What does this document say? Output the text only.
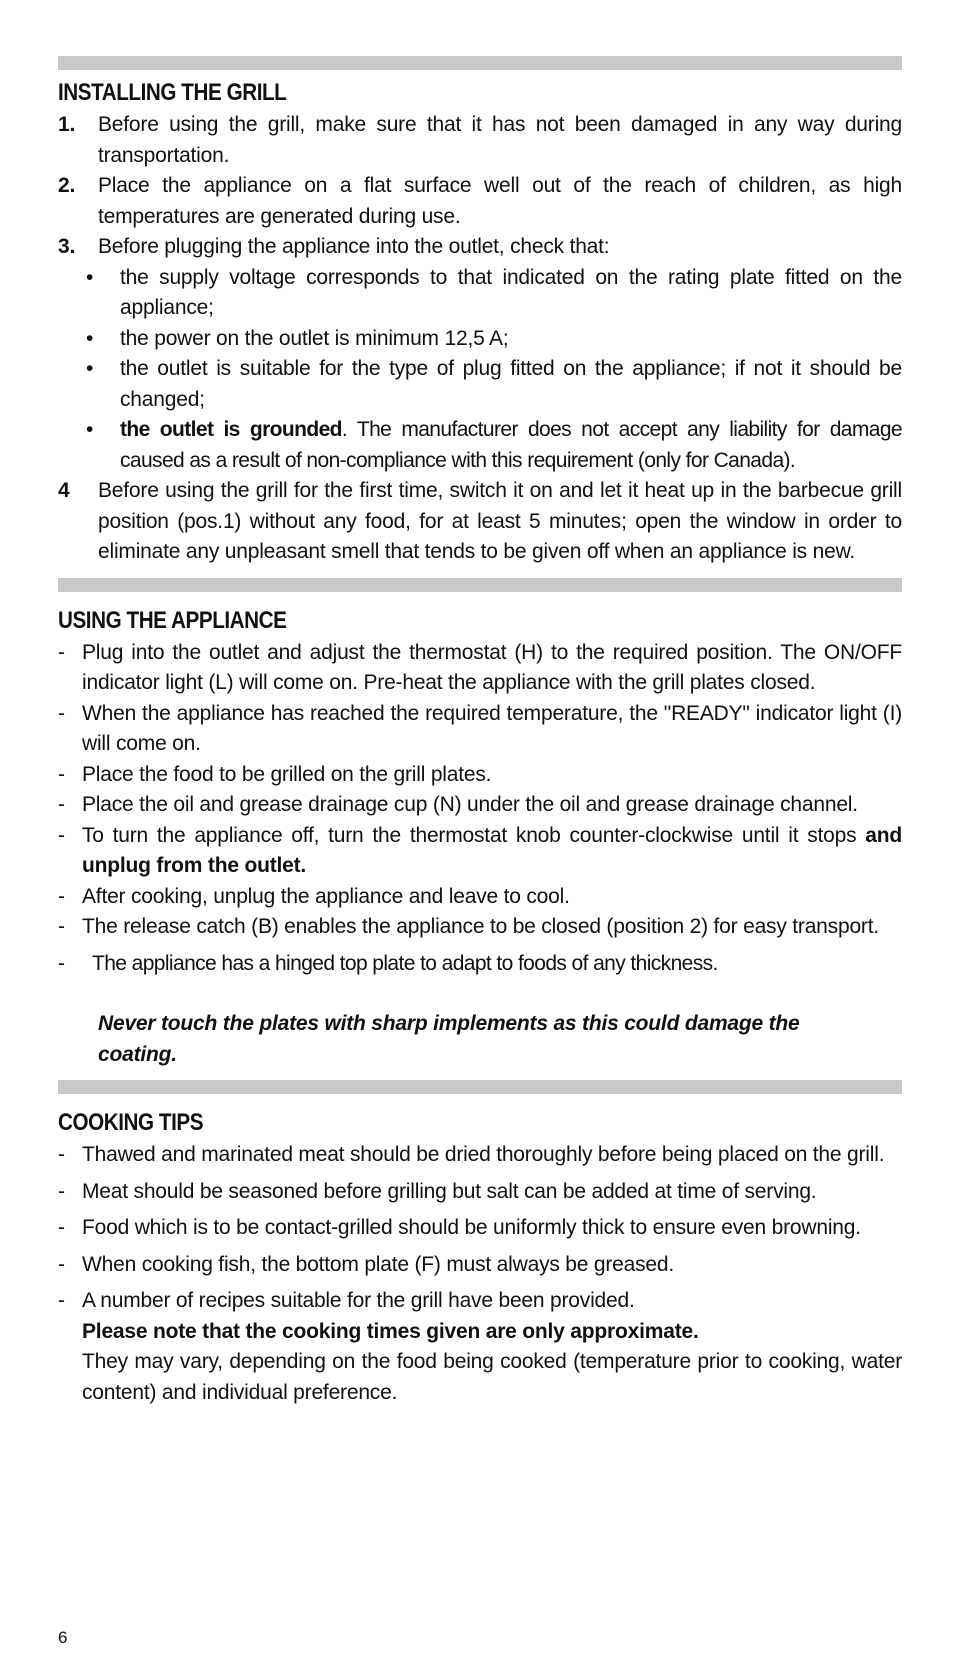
INSTALLING THE GRILL
1.	Before using the grill, make sure that it has not been damaged in any way during transportation.
2.	Place the appliance on a flat surface well out of the reach of children, as high temperatures are generated during use.
3.	Before plugging the appliance into the outlet, check that:
•	the supply voltage corresponds to that indicated on the rating plate fitted on the appliance;
•	the power on the outlet is minimum 12,5 A;
•	the outlet is suitable for the type of plug fitted on the appliance; if not it should be changed;
•	the outlet is grounded. The manufacturer does not accept any liability for damage caused as a result of non-compliance with this requirement (only for Canada).
4	Before using the grill for the first time, switch it on and let it heat up in the barbecue grill position (pos.1) without any food, for at least 5 minutes; open the window in order to eliminate any unpleasant smell that tends to be given off when an appliance is new.
USING THE APPLIANCE
- Plug into the outlet and adjust the thermostat (H) to the required position. The ON/OFF indicator light (L) will come on. Pre-heat the appliance with the grill plates closed.
- When the appliance has reached the required temperature, the "READY" indicator light (I) will come on.
- Place the food to be grilled on the grill plates.
- Place the oil and grease drainage cup (N) under the oil and grease drainage channel.
- To turn the appliance off, turn the thermostat knob counter-clockwise until it stops and unplug from the outlet.
- After cooking, unplug the appliance and leave to cool.
- The release catch (B) enables the appliance to be closed (position 2) for easy transport.
-	The appliance has a hinged top plate to adapt to foods of any thickness.
Never touch the plates with sharp implements as this could damage the coating.
COOKING TIPS
- Thawed and marinated meat should be dried thoroughly before being placed on the grill.
- Meat should be seasoned before grilling but salt can be added at time of serving.
- Food which is to be contact-grilled should be uniformly thick to ensure even browning.
- When cooking fish, the bottom plate (F) must always be greased.
- A number of recipes suitable for the grill have been provided.
Please note that the cooking times given are only approximate.
They may vary, depending on the food being cooked (temperature prior to cooking, water content) and individual preference.
6
